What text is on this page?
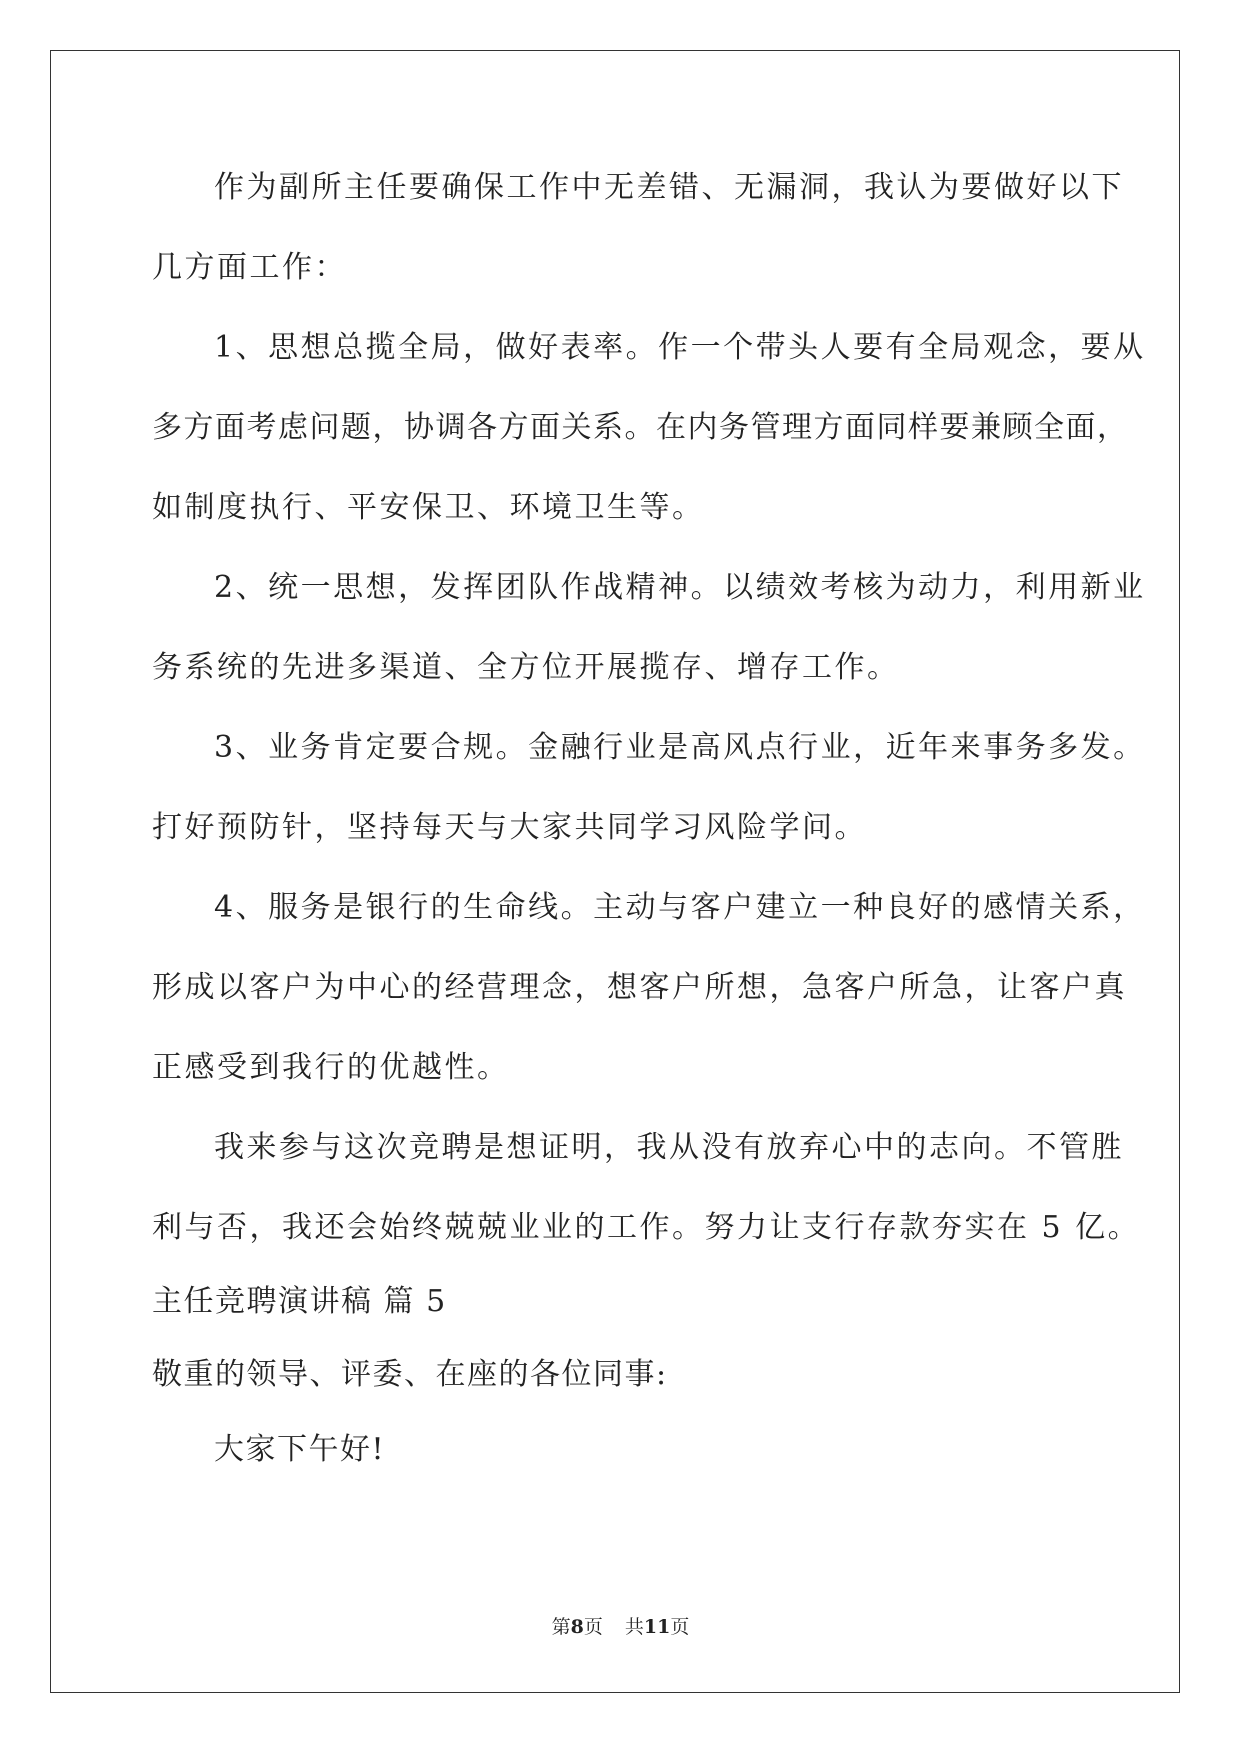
作为副所主任要确保工作中无差错、无漏洞，我认为要做好以下
几方面工作：
1、思想总揽全局，做好表率。作一个带头人要有全局观念，要从
多方面考虑问题，协调各方面关系。在内务管理方面同样要兼顾全面，
如制度执行、平安保卫、环境卫生等。
2、统一思想，发挥团队作战精神。以绩效考核为动力，利用新业
务系统的先进多渠道、全方位开展揽存、增存工作。
3、业务肯定要合规。金融行业是高风点行业，近年来事务多发。
打好预防针，坚持每天与大家共同学习风险学问。
4、服务是银行的生命线。主动与客户建立一种良好的感情关系，
形成以客户为中心的经营理念，想客户所想，急客户所急，让客户真
正感受到我行的优越性。
我来参与这次竞聘是想证明，我从没有放弃心中的志向。不管胜
利与否，我还会始终兢兢业业的工作。努力让支行存款夯实在 5 亿。
主任竞聘演讲稿 篇 5
敬重的领导、评委、在座的各位同事:
大家下午好!
第8页 共11页
